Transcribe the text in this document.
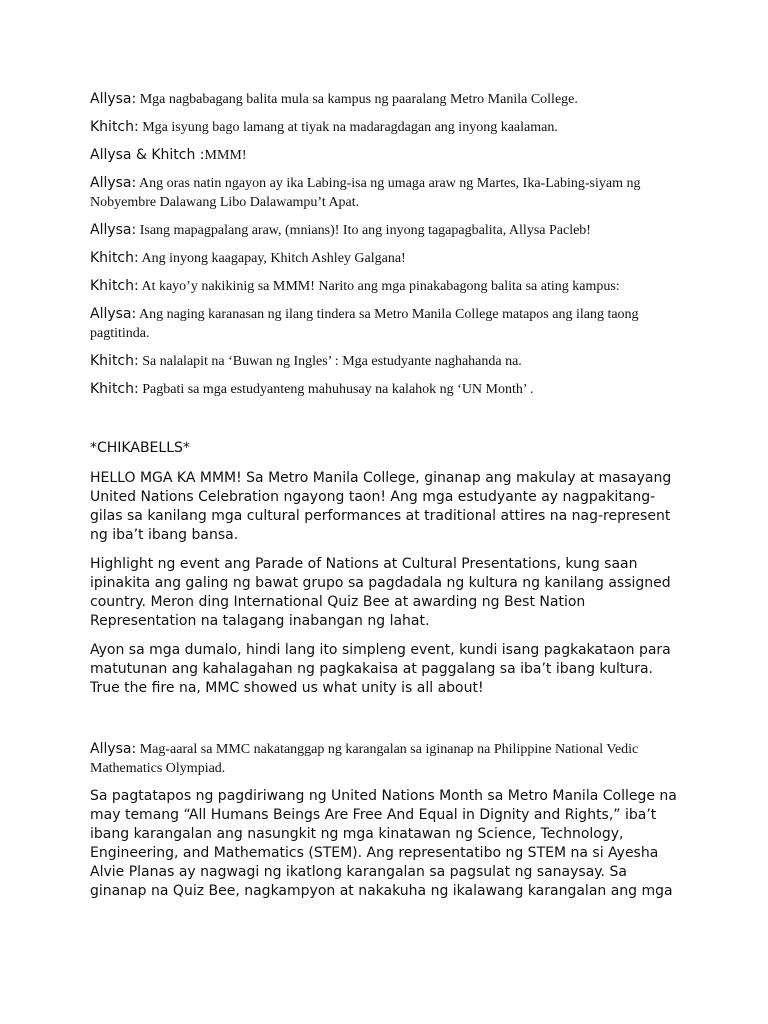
Allysa: Mga nagbabagang balita mula sa kampus ng paaralang Metro Manila College.

Khitch: Mga isyung bago lamang at tiyak na madaragdagan ang inyong kaalaman.

Allysa & Khitch :MMM!

Allysa: Ang oras natin ngayon ay ika Labing-isa ng umaga araw ng Martes, Ika-Labing-siyam ng Nobyembre Dalawang Libo Dalawampu’t Apat.

Allysa: Isang mapagpalang araw, (mnians)! Ito ang inyong tagapagbalita, Allysa Pacleb!

Khitch: Ang inyong kaagapay, Khitch Ashley Galgana!

Khitch: At kayo’y nakikinig sa MMM! Narito ang mga pinakabagong balita sa ating kampus:

Allysa: Ang naging karanasan ng ilang tindera sa Metro Manila College matapos ang ilang taong pagtitinda.

Khitch: Sa nalalapit na ‘Buwan ng Ingles’ : Mga estudyante naghahanda na.

Khitch: Pagbati sa mga estudyanteng mahuhusay na kalahok ng ‘UN Month’ .

*CHIKABELLS*

HELLO MGA KA MMM! Sa Metro Manila College, ginanap ang makulay at masayang United Nations Celebration ngayong taon! Ang mga estudyante ay nagpakitang-gilas sa kanilang mga cultural performances at traditional attires na nag-represent ng iba’t ibang bansa.

Highlight ng event ang Parade of Nations at Cultural Presentations, kung saan ipinakita ang galing ng bawat grupo sa pagdadala ng kultura ng kanilang assigned country. Meron ding International Quiz Bee at awarding ng Best Nation Representation na talagang inabangan ng lahat.

Ayon sa mga dumalo, hindi lang ito simpleng event, kundi isang pagkakataon para matutunan ang kahalagahan ng pagkakaisa at paggalang sa iba’t ibang kultura. True the fire na, MMC showed us what unity is all about!

Allysa: Mag-aaral sa MMC nakatanggap ng karangalan sa iginanap na Philippine National Vedic Mathematics Olympiad.

Sa pagtatapos ng pagdiriwang ng United Nations Month sa Metro Manila College na may temang “All Humans Beings Are Free And Equal in Dignity and Rights,” iba’t ibang karangalan ang nasungkit ng mga kinatawan ng Science, Technology, Engineering, and Mathematics (STEM). Ang representatibo ng STEM na si Ayesha Alvie Planas ay nagwagi ng ikatlong karangalan sa pagsulat ng sanaysay. Sa ginanap na Quiz Bee, nagkampyon at nakakuha ng ikalawang karangalan ang mga
